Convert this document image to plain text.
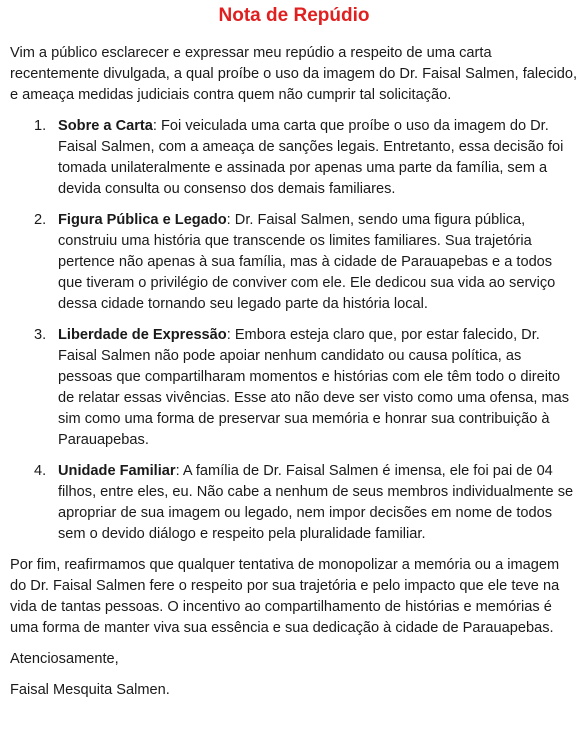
Nota de Repúdio

Vim a público esclarecer e expressar meu repúdio a respeito de uma carta recentemente divulgada, a qual proíbe o uso da imagem do Dr. Faisal Salmen, falecido, e ameaça medidas judiciais contra quem não cumprir tal solicitação.

1. Sobre a Carta: Foi veiculada uma carta que proíbe o uso da imagem do Dr. Faisal Salmen, com a ameaça de sanções legais. Entretanto, essa decisão foi tomada unilateralmente e assinada por apenas uma parte da família, sem a devida consulta ou consenso dos demais familiares.
2. Figura Pública e Legado: Dr. Faisal Salmen, sendo uma figura pública, construiu uma história que transcende os limites familiares. Sua trajetória pertence não apenas à sua família, mas à cidade de Parauapebas e a todos que tiveram o privilégio de conviver com ele. Ele dedicou sua vida ao serviço dessa cidade tornando seu legado parte da história local.
3. Liberdade de Expressão: Embora esteja claro que, por estar falecido, Dr. Faisal Salmen não pode apoiar nenhum candidato ou causa política, as pessoas que compartilharam momentos e histórias com ele têm todo o direito de relatar essas vivências. Esse ato não deve ser visto como uma ofensa, mas sim como uma forma de preservar sua memória e honrar sua contribuição à Parauapebas.
4. Unidade Familiar: A família de Dr. Faisal Salmen é imensa, ele foi pai de 04 filhos, entre eles, eu. Não cabe a nenhum de seus membros individualmente se apropriar de sua imagem ou legado, nem impor decisões em nome de todos sem o devido diálogo e respeito pela pluralidade familiar.

Por fim, reafirmamos que qualquer tentativa de monopolizar a memória ou a imagem do Dr. Faisal Salmen fere o respeito por sua trajetória e pelo impacto que ele teve na vida de tantas pessoas. O incentivo ao compartilhamento de histórias e memórias é uma forma de manter viva sua essência e sua dedicação à cidade de Parauapebas.

Atenciosamente,

Faisal Mesquita Salmen.
